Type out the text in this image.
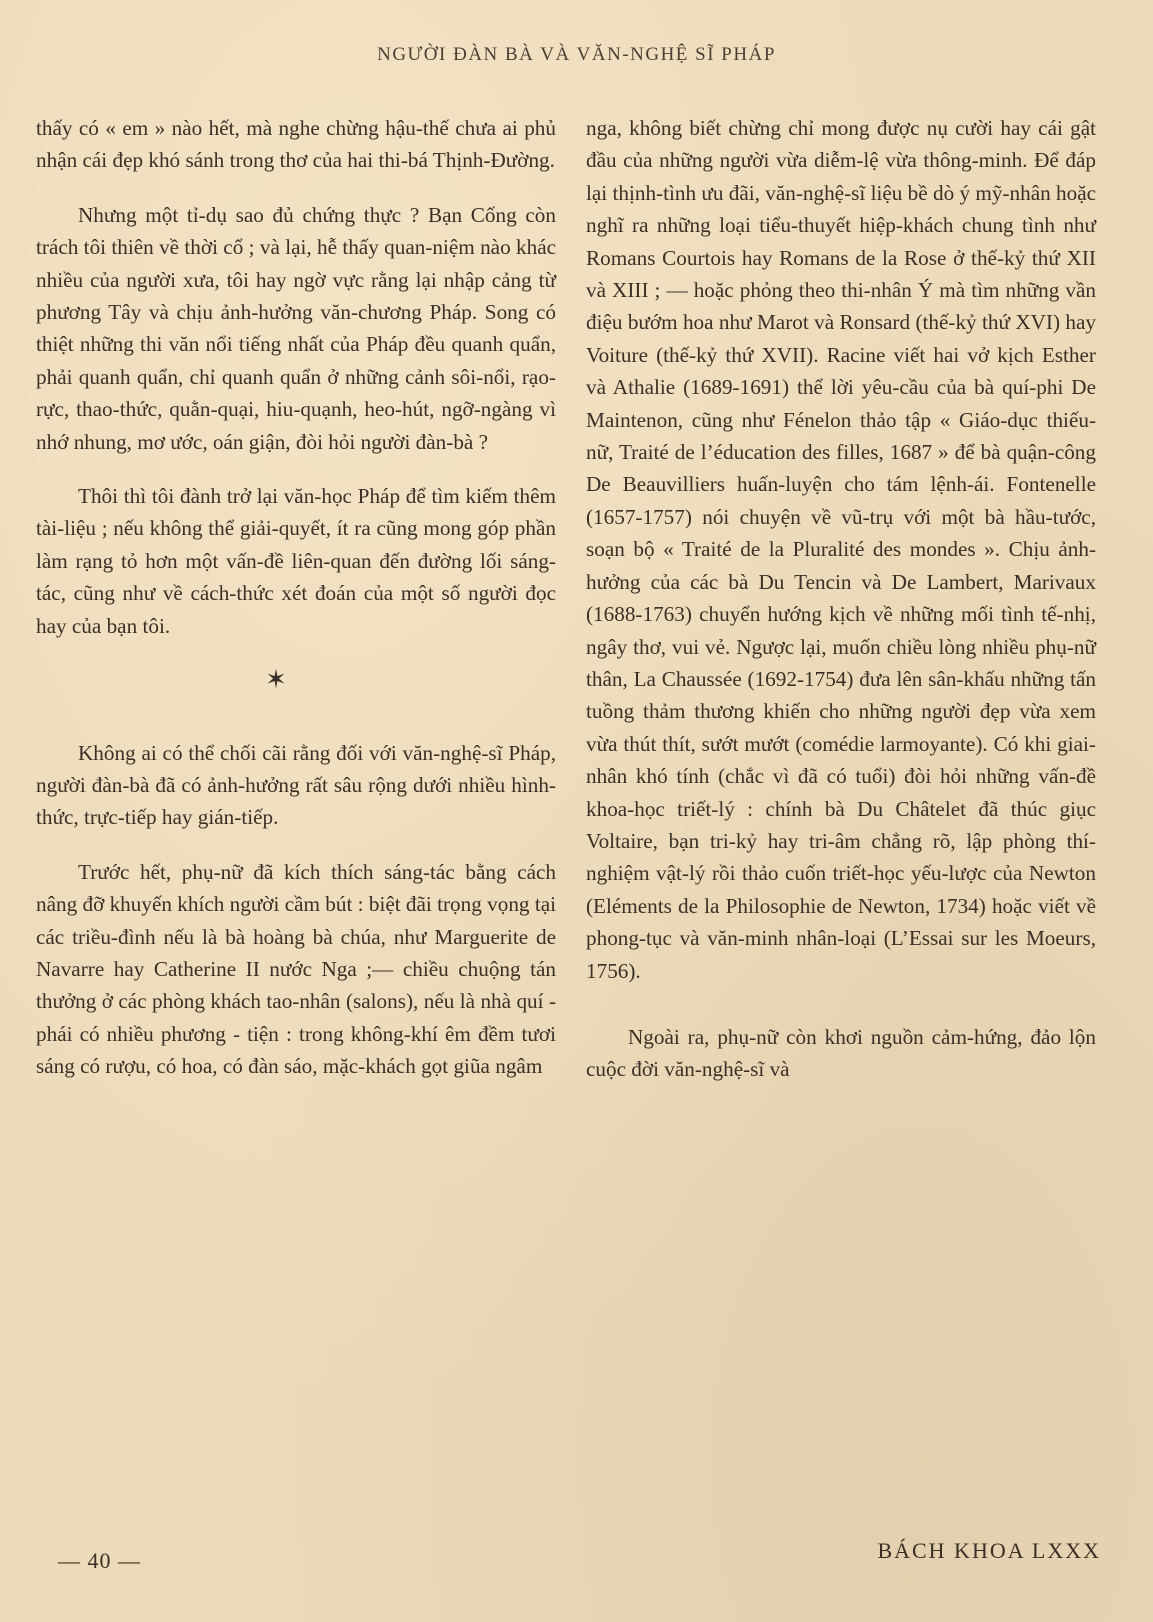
NGƯỜI ĐÀN BÀ VÀ VĂN-NGHỆ SĨ PHÁP

thấy có « em » nào hết, mà nghe chừng hậu-thế chưa ai phủ nhận cái đẹp khó sánh trong thơ của hai thi-bá Thịnh-Đường.

Nhưng một tỉ-dụ sao đủ chứng thực ? Bạn Cống còn trách tôi thiên về thời cổ ; và lại, hễ thấy quan-niệm nào khác nhiều của người xưa, tôi hay ngờ vực rằng lại nhập cảng từ phương Tây và chịu ảnh-hưởng văn-chương Pháp. Song có thiệt những thi văn nổi tiếng nhất của Pháp đều quanh quẩn, phải quanh quẩn, chỉ quanh quẩn ở những cảnh sôi-nổi, rạo-rực, thao-thức, quằn-quại, hiu-quạnh, heo-hút, ngỡ-ngàng vì nhớ nhung, mơ ước, oán giận, đòi hỏi người đàn-bà ?

Thôi thì tôi đành trở lại văn-học Pháp để tìm kiếm thêm tài-liệu ; nếu không thể giải-quyết, ít ra cũng mong góp phần làm rạng tỏ hơn một vấn-đề liên-quan đến đường lối sáng-tác, cũng như về cách-thức xét đoán của một số người đọc hay của bạn tôi.

✶

Không ai có thể chối cãi rằng đối với văn-nghệ-sĩ Pháp, người đàn-bà đã có ảnh-hưởng rất sâu rộng dưới nhiều hình-thức, trực-tiếp hay gián-tiếp.

Trước hết, phụ-nữ đã kích thích sáng-tác bằng cách nâng đỡ khuyến khích người cầm bút : biệt đãi trọng vọng tại các triều-đình nếu là bà hoàng bà chúa, như Marguerite de Navarre hay Catherine II nước Nga ;— chiều chuộng tán thưởng ở các phòng khách tao-nhân (salons), nếu là nhà quí - phái có nhiều phương - tiện : trong không-khí êm đềm tươi sáng có rượu, có hoa, có đàn sáo, mặc-khách gọt giũa ngâm

nga, không biết chừng chỉ mong được nụ cười hay cái gật đầu của những người vừa diễm-lệ vừa thông-minh. Để đáp lại thịnh-tình ưu đãi, văn-nghệ-sĩ liệu bề dò ý mỹ-nhân hoặc nghĩ ra những loại tiểu-thuyết hiệp-khách chung tình như Romans Courtois hay Romans de la Rose ở thế-kỷ thứ XII và XIII ; — hoặc phỏng theo thi-nhân Ý mà tìm những vần điệu bướm hoa như Marot và Ronsard (thế-kỷ thứ XVI) hay Voiture (thế-kỷ thứ XVII). Racine viết hai vở kịch Esther và Athalie (1689-1691) thể lời yêu-cầu của bà quí-phi De Maintenon, cũng như Fénelon thảo tập « Giáo-dục thiếu-nữ, Traité de l’éducation des filles, 1687 » để bà quận-công De Beauvilliers huấn-luyện cho tám lệnh-ái. Fontenelle (1657-1757) nói chuyện về vũ-trụ với một bà hầu-tước, soạn bộ « Traité de la Pluralité des mondes ». Chịu ảnh-hưởng của các bà Du Tencin và De Lambert, Marivaux (1688-1763) chuyển hướng kịch về những mối tình tế-nhị, ngây thơ, vui vẻ. Ngược lại, muốn chiều lòng nhiều phụ-nữ thân, La Chaussée (1692-1754) đưa lên sân-khấu những tấn tuồng thảm thương khiến cho những người đẹp vừa xem vừa thút thít, sướt mướt (comédie larmoyante). Có khi giai-nhân khó tính (chắc vì đã có tuổi) đòi hỏi những vấn-đề khoa-học triết-lý : chính bà Du Châtelet đã thúc giục Voltaire, bạn tri-kỷ hay tri-âm chẳng rõ, lập phòng thí-nghiệm vật-lý rồi thảo cuốn triết-học yếu-lược của Newton (Eléments de la Philosophie de Newton, 1734) hoặc viết về phong-tục và văn-minh nhân-loại (L’Essai sur les Moeurs, 1756).

Ngoài ra, phụ-nữ còn khơi nguồn cảm-hứng, đảo lộn cuộc đời văn-nghệ-sĩ và

— 40 —	BÁCH KHOA LXXX
